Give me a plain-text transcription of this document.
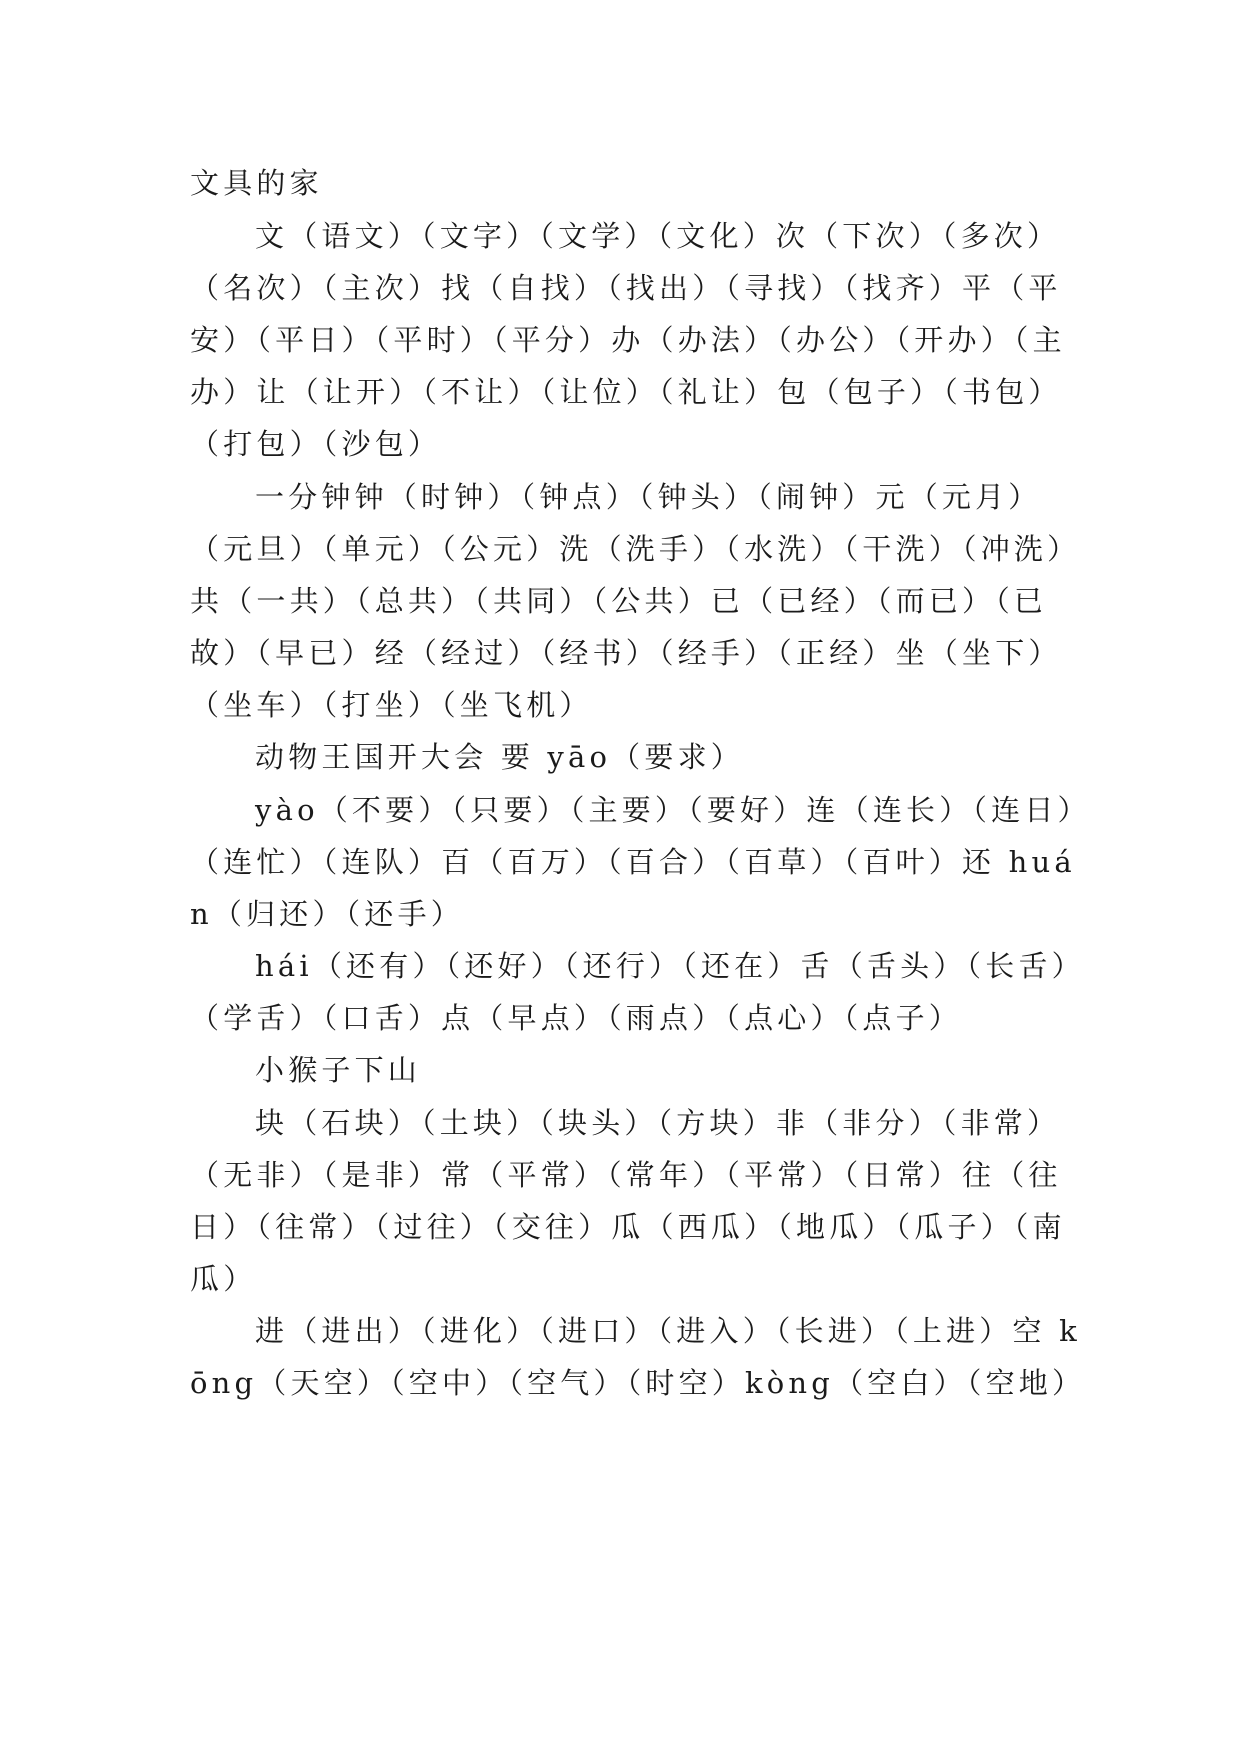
文具的家
文（语文）（文字）（文学）（文化）次（下次）（多次）
（名次）（主次）找（自找）（找出）（寻找）（找齐）平（平
安）（平日）（平时）（平分）办（办法）（办公）（开办）（主
办）让（让开）（不让）（让位）（礼让）包（包子）（书包）
（打包）（沙包）
一分钟钟（时钟）（钟点）（钟头）（闹钟）元（元月）
（元旦）（单元）（公元）洗（洗手）（水洗）（干洗）（冲洗）
共（一共）（总共）（共同）（公共）已（已经）（而已）（已
故）（早已）经（经过）（经书）（经手）（正经）坐（坐下）
（坐车）（打坐）（坐飞机）
动物王国开大会 要 yāo（要求）
yào（不要）（只要）（主要）（要好）连（连长）（连日）
（连忙）（连队）百（百万）（百合）（百草）（百叶）还 huá
n（归还）（还手）
hái（还有）（还好）（还行）（还在）舌（舌头）（长舌）
（学舌）（口舌）点（早点）（雨点）（点心）（点子）
小猴子下山
块（石块）（土块）（块头）（方块）非（非分）（非常）
（无非）（是非）常（平常）（常年）（平常）（日常）往（往
日）（往常）（过往）（交往）瓜（西瓜）（地瓜）（瓜子）（南
瓜）
进（进出）（进化）（进口）（进入）（长进）（上进）空 k
ōng（天空）（空中）（空气）（时空）kòng（空白）（空地）
